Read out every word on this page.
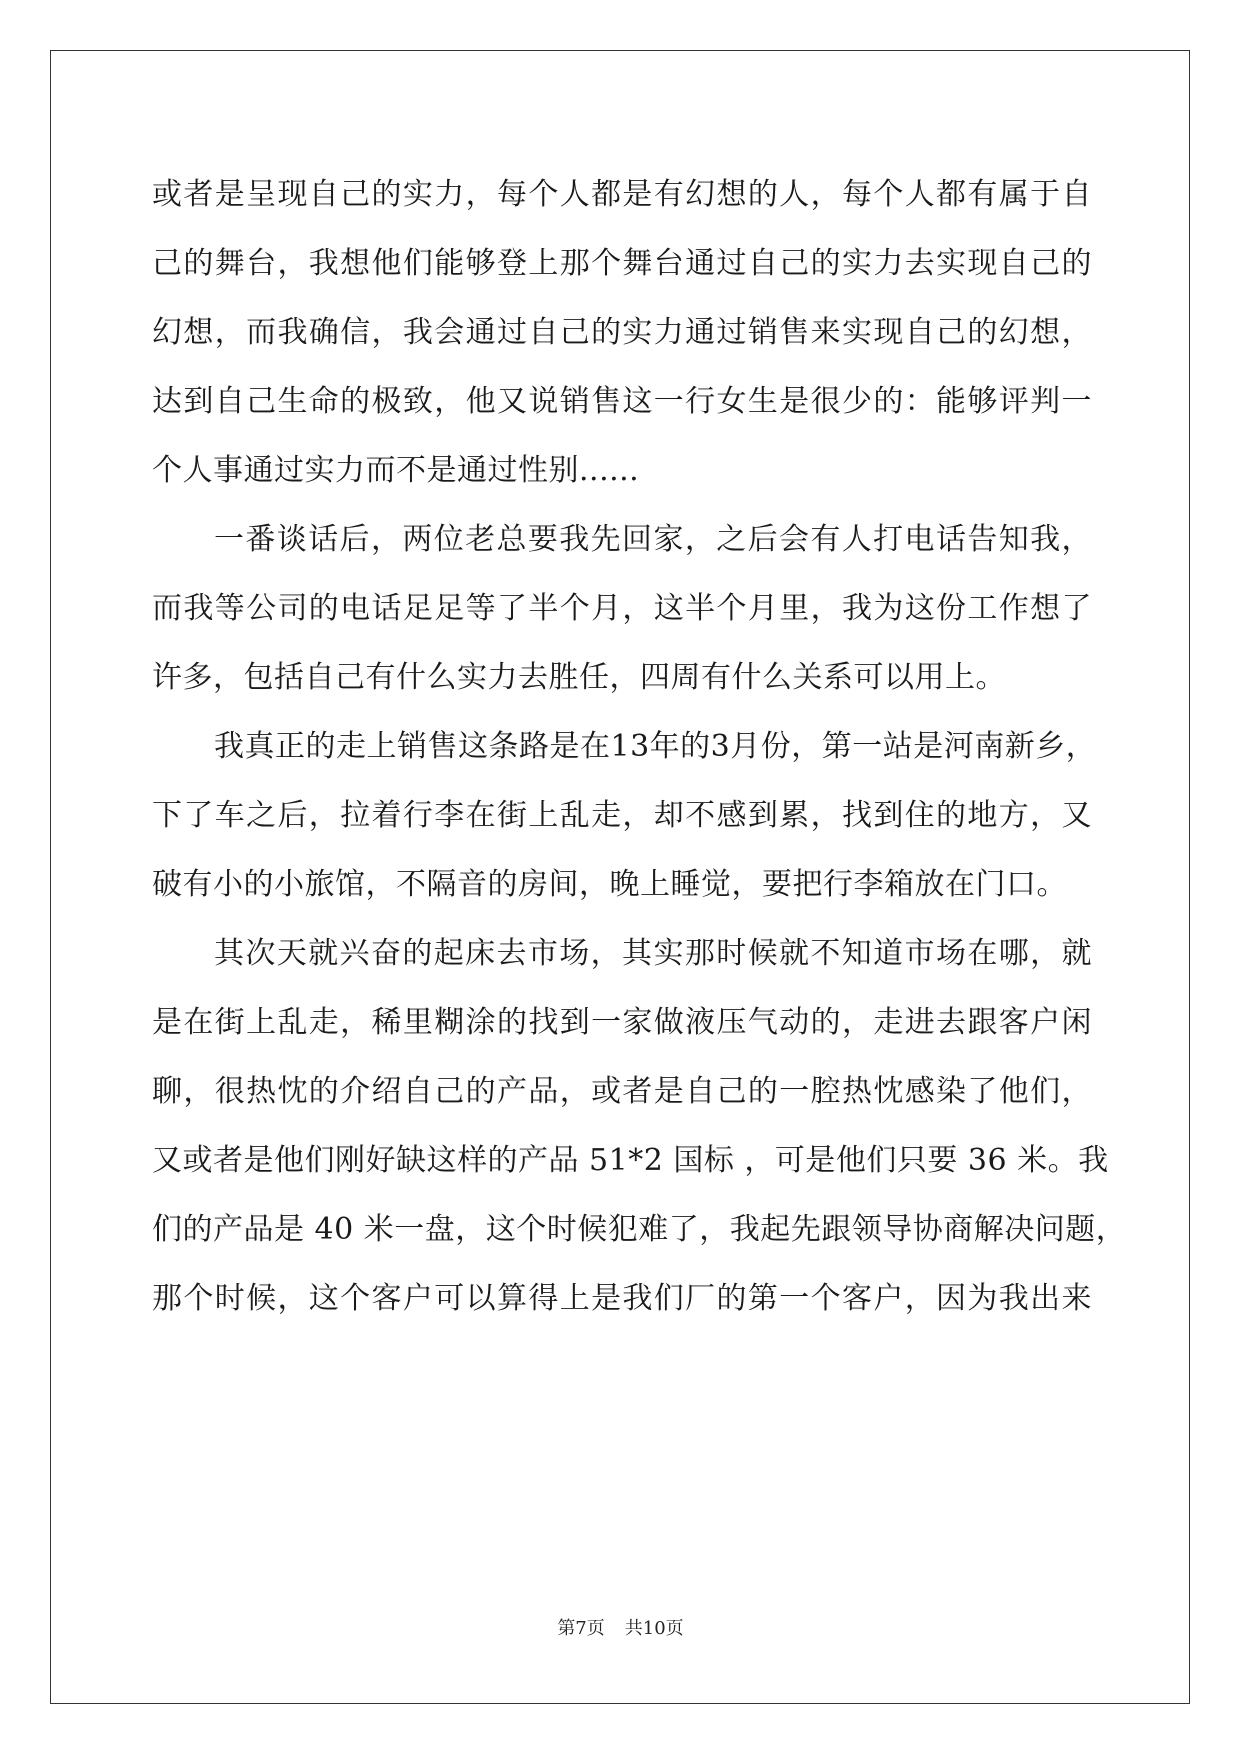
或者是呈现自己的实力，每个人都是有幻想的人，每个人都有属于自
己的舞台，我想他们能够登上那个舞台通过自己的实力去实现自己的
幻想，而我确信，我会通过自己的实力通过销售来实现自己的幻想，
达到自己生命的极致，他又说销售这一行女生是很少的：能够评判一
个人事通过实力而不是通过性别......
一番谈话后，两位老总要我先回家，之后会有人打电话告知我，
而我等公司的电话足足等了半个月，这半个月里，我为这份工作想了
许多，包括自己有什么实力去胜任，四周有什么关系可以用上。
我真正的走上销售这条路是在13年的3月份，第一站是河南新乡，
下了车之后，拉着行李在街上乱走，却不感到累，找到住的地方，又
破有小的小旅馆，不隔音的房间，晚上睡觉，要把行李箱放在门口。
其次天就兴奋的起床去市场，其实那时候就不知道市场在哪，就
是在街上乱走，稀里糊涂的找到一家做液压气动的，走进去跟客户闲
聊，很热忱的介绍自己的产品，或者是自己的一腔热忱感染了他们，
又或者是他们刚好缺这样的产品 51*2 国标 ，可是他们只要 36 米。我
们的产品是 40 米一盘，这个时候犯难了，我起先跟领导协商解决问题，
那个时候，这个客户可以算得上是我们厂的第一个客户，因为我出来
第7页 共10页
